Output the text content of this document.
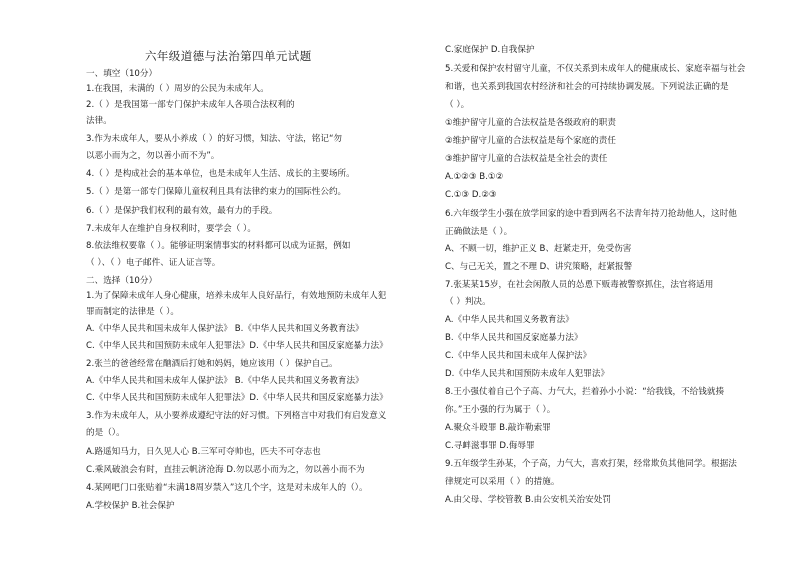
六年级道德与法治第四单元试题
一、填空（10分）
1.在我国，未满的（ ）周岁的公民为未成年人。
2.（ ）是我国第一部专门保护未成年人各项合法权利的
法律。
3.作为未成年人，要从小养成（ ）的好习惯，知法、守法，铭记“勿
以恶小而为之，勿以善小而不为”。
4.（ ）是构成社会的基本单位，也是未成年人生活、成长的主要场所。
5.（ ）是第一部专门保障儿童权利且具有法律约束力的国际性公约。
6.（ ）是保护我们权利的最有效，最有力的手段。
7.未成年人在维护自身权利时，要学会（ ）。
8.依法维权要靠（ ）。能够证明案情事实的材料都可以成为证据，例如
（ ）、（ ）电子邮件、证人证言等。
二、选择（10分）
1.为了保障未成年人身心健康，培养未成年人良好品行，有效地预防未成年人犯
罪而制定的法律是（ ）。
A.《中华人民共和国未成年人保护法》 B.《中华人民共和国义务教育法》
C.《中华人民共和国预防未成年人犯罪法》D.《中华人民共和国反家庭暴力法》
2.张兰的爸爸经常在酗酒后打她和妈妈，她应该用（ ）保护自己。
A.《中华人民共和国未成年人保护法》 B.《中华人民共和国义务教育法》
C.《中华人民共和国预防未成年人犯罪法》D.《中华人民共和国反家庭暴力法》
3.作为未成年人，从小要养成遵纪守法的好习惯。下列格言中对我们有启发意义
的是（）。
A.路遥知马力，日久见人心 B.三军可夺帅也，匹夫不可夺志也
C.乘风破浪会有时，直挂云帆济沧海 D.勿以恶小而为之，勿以善小而不为
4.某网吧门口张贴着“未满18周岁禁入”这几个字，这是对未成年人的（）。
A.学校保护 B.社会保护
C.家庭保护 D.自我保护
5.关爱和保护农村留守儿童，不仅关系到未成年人的健康成长、家庭幸福与社会
和谐，也关系到我国农村经济和社会的可持续协调发展。下列说法正确的是
（ ）。
①维护留守儿童的合法权益是各级政府的职责
②维护留守儿童的合法权益是每个家庭的责任
③维护留守儿童的合法权益是全社会的责任
A.①②③ B.①②
C.①③ D.②③
6.六年级学生小强在放学回家的途中看到两名不法青年持刀抢劫他人，这时他
正确做法是（ ）。
A、不顾一切，维护正义 B、赶紧走开，免受伤害
C、与己无关，置之不理 D、讲究策略，赶紧报警
7.张某某15岁，在社会闲散人员的怂恿下贩毒被警察抓住，法官将适用
（ ）判决。
A.《中华人民共和国义务教育法》
B.《中华人民共和国反家庭暴力法》
C.《中华人民共和国未成年人保护法》
D.《中华人民共和国预防未成年人犯罪法》
8.王小强仗着自己个子高、力气大，拦着孙小小说：“给我钱，不给钱就揍
你。”王小强的行为属于（ ）。
A.聚众斗殴罪 B.敲诈勒索罪
C.寻衅滋事罪 D.侮辱罪
9.五年级学生孙某，个子高，力气大，喜欢打架，经常欺负其他同学。根据法
律规定可以采用（ ）的措施。
A.由父母、学校管教 B.由公安机关治安处罚
